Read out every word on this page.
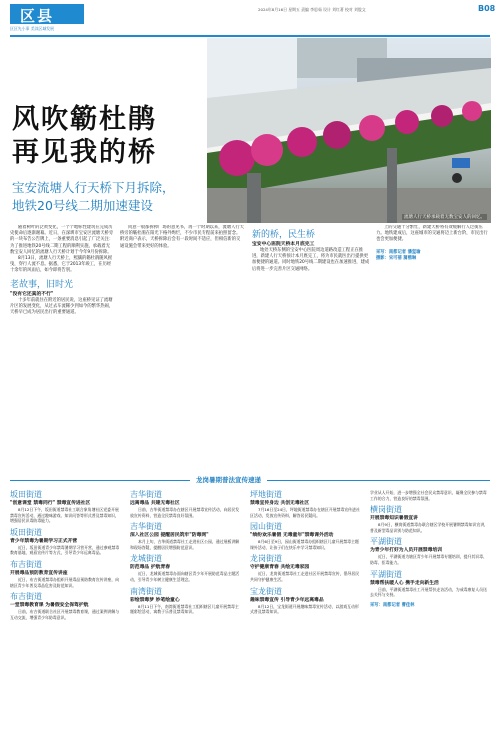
区县
区区先小事 美读区域发展
2024年8月16日 星期五 责编 李思茹 设计 刘红著 校对 刘俊文	B08
风吹簕杜鹃
再见我的桥
宝安流塘人行天桥下月拆除，
地铁20号线二期加速建设
流塘人行天桥承载着无数宝安人的回忆。

随着树叶的泛黄变化，一个个地标性建筑在完成历史使命后逐渐谢幕。近日，在深圳市宝安区流塘天桥旁的一块布告公告牌上，一条重要消息引起了广泛关注：为了推进地铁20号线二期工程的顺利实施，承载着无数宝安人回忆的流塘人行天桥计划于今年9月份拆除。

8月13日，流塘人行天桥上，熙攘的簕杜鹃随风摇曳，穿行人流不息。据悉，它于2013年竣工，在历经十余年的风雨后，如今即将告别。

老故事，旧时光
"没有它还真的不行"

十多年前就住在附近的居民说，这座桥见证了流塘片区的发展变化，从过去车流稀少到如今的繁华热闹，天桥早已成为居民出行的重要通道。

同意一般都拆掉广场的意见书，再一个时期以来，流塘人行天桥旁的簕杜鹃在阳光下格外绚烂，不少市民专程前来拍照留念。附近商户表示，天桥拆除后会有一段时间不适应，但相信新的交通设施会带来更好的体验。

新的桥，民生桥
宝安中心医院天桥本月底完工

地处天桥东侧的宝安中心医院周边道路改造工程正在推进，新建人行天桥预计本月底完工，将为市民就医出行提供更加便捷的通道。同时地铁20号线二期建设也在加速推进，建成后将进一步完善片区交通网络。

上的交通十分繁忙，新建天桥将有效缓解行人过街压力。地铁建成后，这座城市的交通将迈上新台阶，市民出行也会更加便捷。

采写：南都记者 潘玺瑜
摄影：宋可蓓 蒲楷琳
龙岗暑期普法宣传速递
坂田街道
"创意课堂 禁毒同行" 禁毒宣传进社区

8月12日下午，坂田街道禁毒社工联合象角塘社区党委开展禁毒宣传活动，通过趣味游戏、知识问答等形式普及禁毒知识，增强居民识毒防毒能力。

坂田街道
青少年禁毒为暑期学习正式开营

近日，坂田街道青少年禁毒暑期学习营开营，通过参观禁毒教育基地、观看宣传片等方式，引导青少年远离毒品。

布吉街道
开展毒品预防教育宣传讲座

近日，布吉街道禁毒办组织开展毒品预防教育宣传讲座，向辖区青少年普及毒品危害及防范知识。

布吉街道
一堂禁毒教育课 为暑假安全保驾护航

日前，布吉街道联合社区开展禁毒教育课，通过案例讲解与互动交流，增强青少年防毒意识。

吉华街道
远离毒品 共建无毒社区

日前，吉华街道禁毒办在辖区开展禁毒宣传活动，向居民发放宣传资料，营造全民禁毒良好氛围。

吉华街道
深入社区公园 提醒居民筑牢"防毒网"

本月上旬，吉华街道禁毒社工走进社区公园，通过展板讲解和现场答疑，提醒居民增强防范意识。

龙城街道
防范毒品 护航青春

近日，龙城街道禁毒办面向辖区青少年开展防范毒品主题活动，引导青少年树立健康生活理念。

南湾街道
彩绘禁毒梦 妙笔绘童心

8月11日下午，南湾街道禁毒社工组织辖区儿童开展禁毒主题彩绘活动，寓教于乐普及禁毒知识。

坪地街道
禁毒宣传身边 共创无毒社区

7月16日至24日，坪地街道禁毒办在辖区开展禁毒宣传进社区活动，发放宣传资料，解答居民疑问。

园山街道
"缤纷欢乐暑假 无毒童年"禁毒课外活动

8月6日至9日，园山街道禁毒办组织辖区儿童开展禁毒主题课外活动，让孩子们在快乐中学习禁毒知识。

龙岗街道
守护健康青春 共绘无毒家园

近日，龙岗街道禁毒社工走进社区开展禁毒宣传，倡导居民共同守护健康生活。

宝龙街道
趣味禁毒宣传 引导青少年远离毒品

8月12日，宝龙街道开展趣味禁毒宣传活动，以游戏互动形式普及禁毒知识。

学业从人开始，进一步增强全社会民众禁毒意识，凝聚全民参与禁毒工作的合力，营造良好的禁毒氛围。

横岗街道
开展禁毒知识暑假宣讲

8月9日，横岗街道禁毒办联合辖区学校开展暑期禁毒知识宣讲，普及新型毒品识别与防范知识。

平湖街道
为青少年打好为人员开展禁毒培训

近日，平湖街道为辖区青少年开展禁毒专题培训，提升其识毒、防毒、拒毒能力。

平湖街道
禁毒帮扶暖人心 携手走向新生活

日前，平湖街道禁毒社工开展帮扶走访活动，为戒毒康复人员送去关怀与支持。

采写：南都记者 曹佳林
